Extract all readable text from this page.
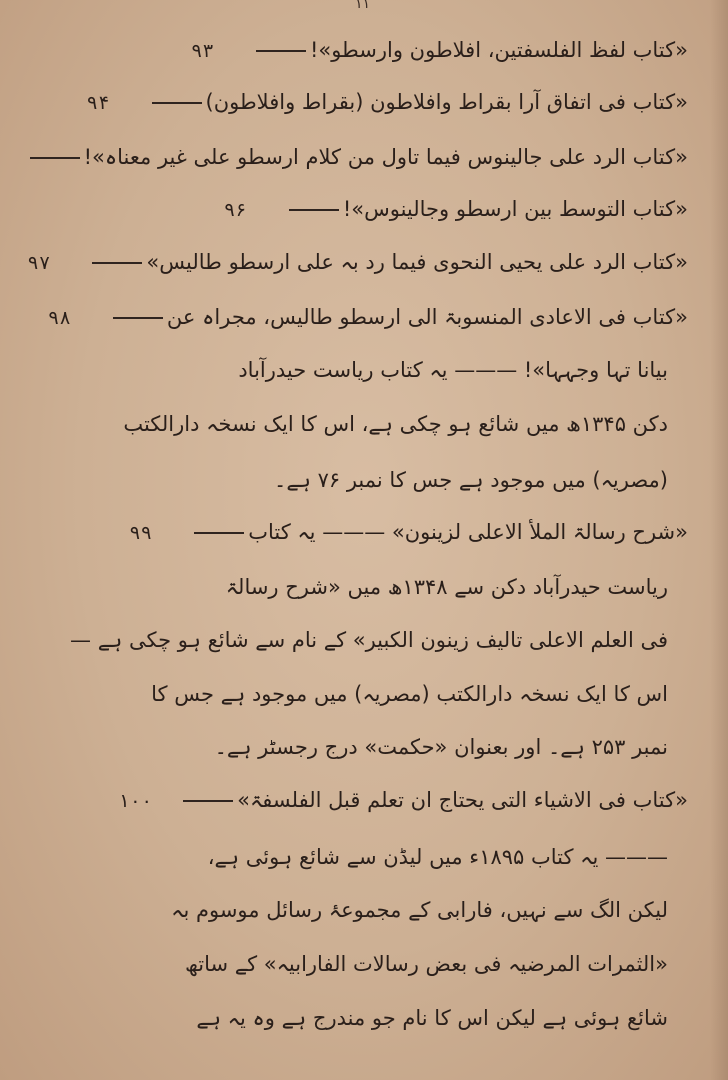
۱۱
«کتاب لفظ الفلسفتین، افلاطون وارسطو»!۹۳
«کتاب فی اتفاق آرا بقراط وافلاطون (بقراط وافلاطون)۹۴
«کتاب الرد علی جالینوس فیما تاول من کلام ارسطو علی غیر معناہ»!
«کتاب التوسط بین ارسطو وجالینوس»!۹۶
«کتاب الرد علی یحیی النحوی فیما رد بہ علی ارسطو طالیس»۹۷
«کتاب فی الاعادی المنسوبۃ الی ارسطو طالیس، مجراہ عن۹۸
بیانا تہا وجہہا»! ——— یہ کتاب ریاست حیدرآباد
دکن ۱۳۴۵ھ میں شائع ہو چکی ہے، اس کا ایک نسخہ دارالکتب
(مصریہ) میں موجود ہے جس کا نمبر ۷۶ ہے۔
«شرح رسالۃ الملأ الاعلی لزینون» ——— یہ کتاب۹۹
ریاست حیدرآباد دکن سے ۱۳۴۸ھ میں «شرح رسالۃ
فی العلم الاعلی تالیف زینون الکبیر» کے نام سے شائع ہو چکی ہے —
اس کا ایک نسخہ دارالکتب (مصریہ) میں موجود ہے جس کا
نمبر ۲۵۳ ہے۔ اور بعنوان «حکمت» درج رجسٹر ہے۔
«کتاب فی الاشیاء التی یحتاج ان تعلم قبل الفلسفۃ»۱۰۰
——— یہ کتاب ۱۸۹۵ء میں لیڈن سے شائع ہوئی ہے،
لیکن الگ سے نہیں، فارابی کے مجموعۂ رسائل موسوم بہ
«الثمرات المرضیہ فی بعض رسالات الفارابیہ» کے ساتھ
شائع ہوئی ہے لیکن اس کا نام جو مندرج ہے وہ یہ ہے
